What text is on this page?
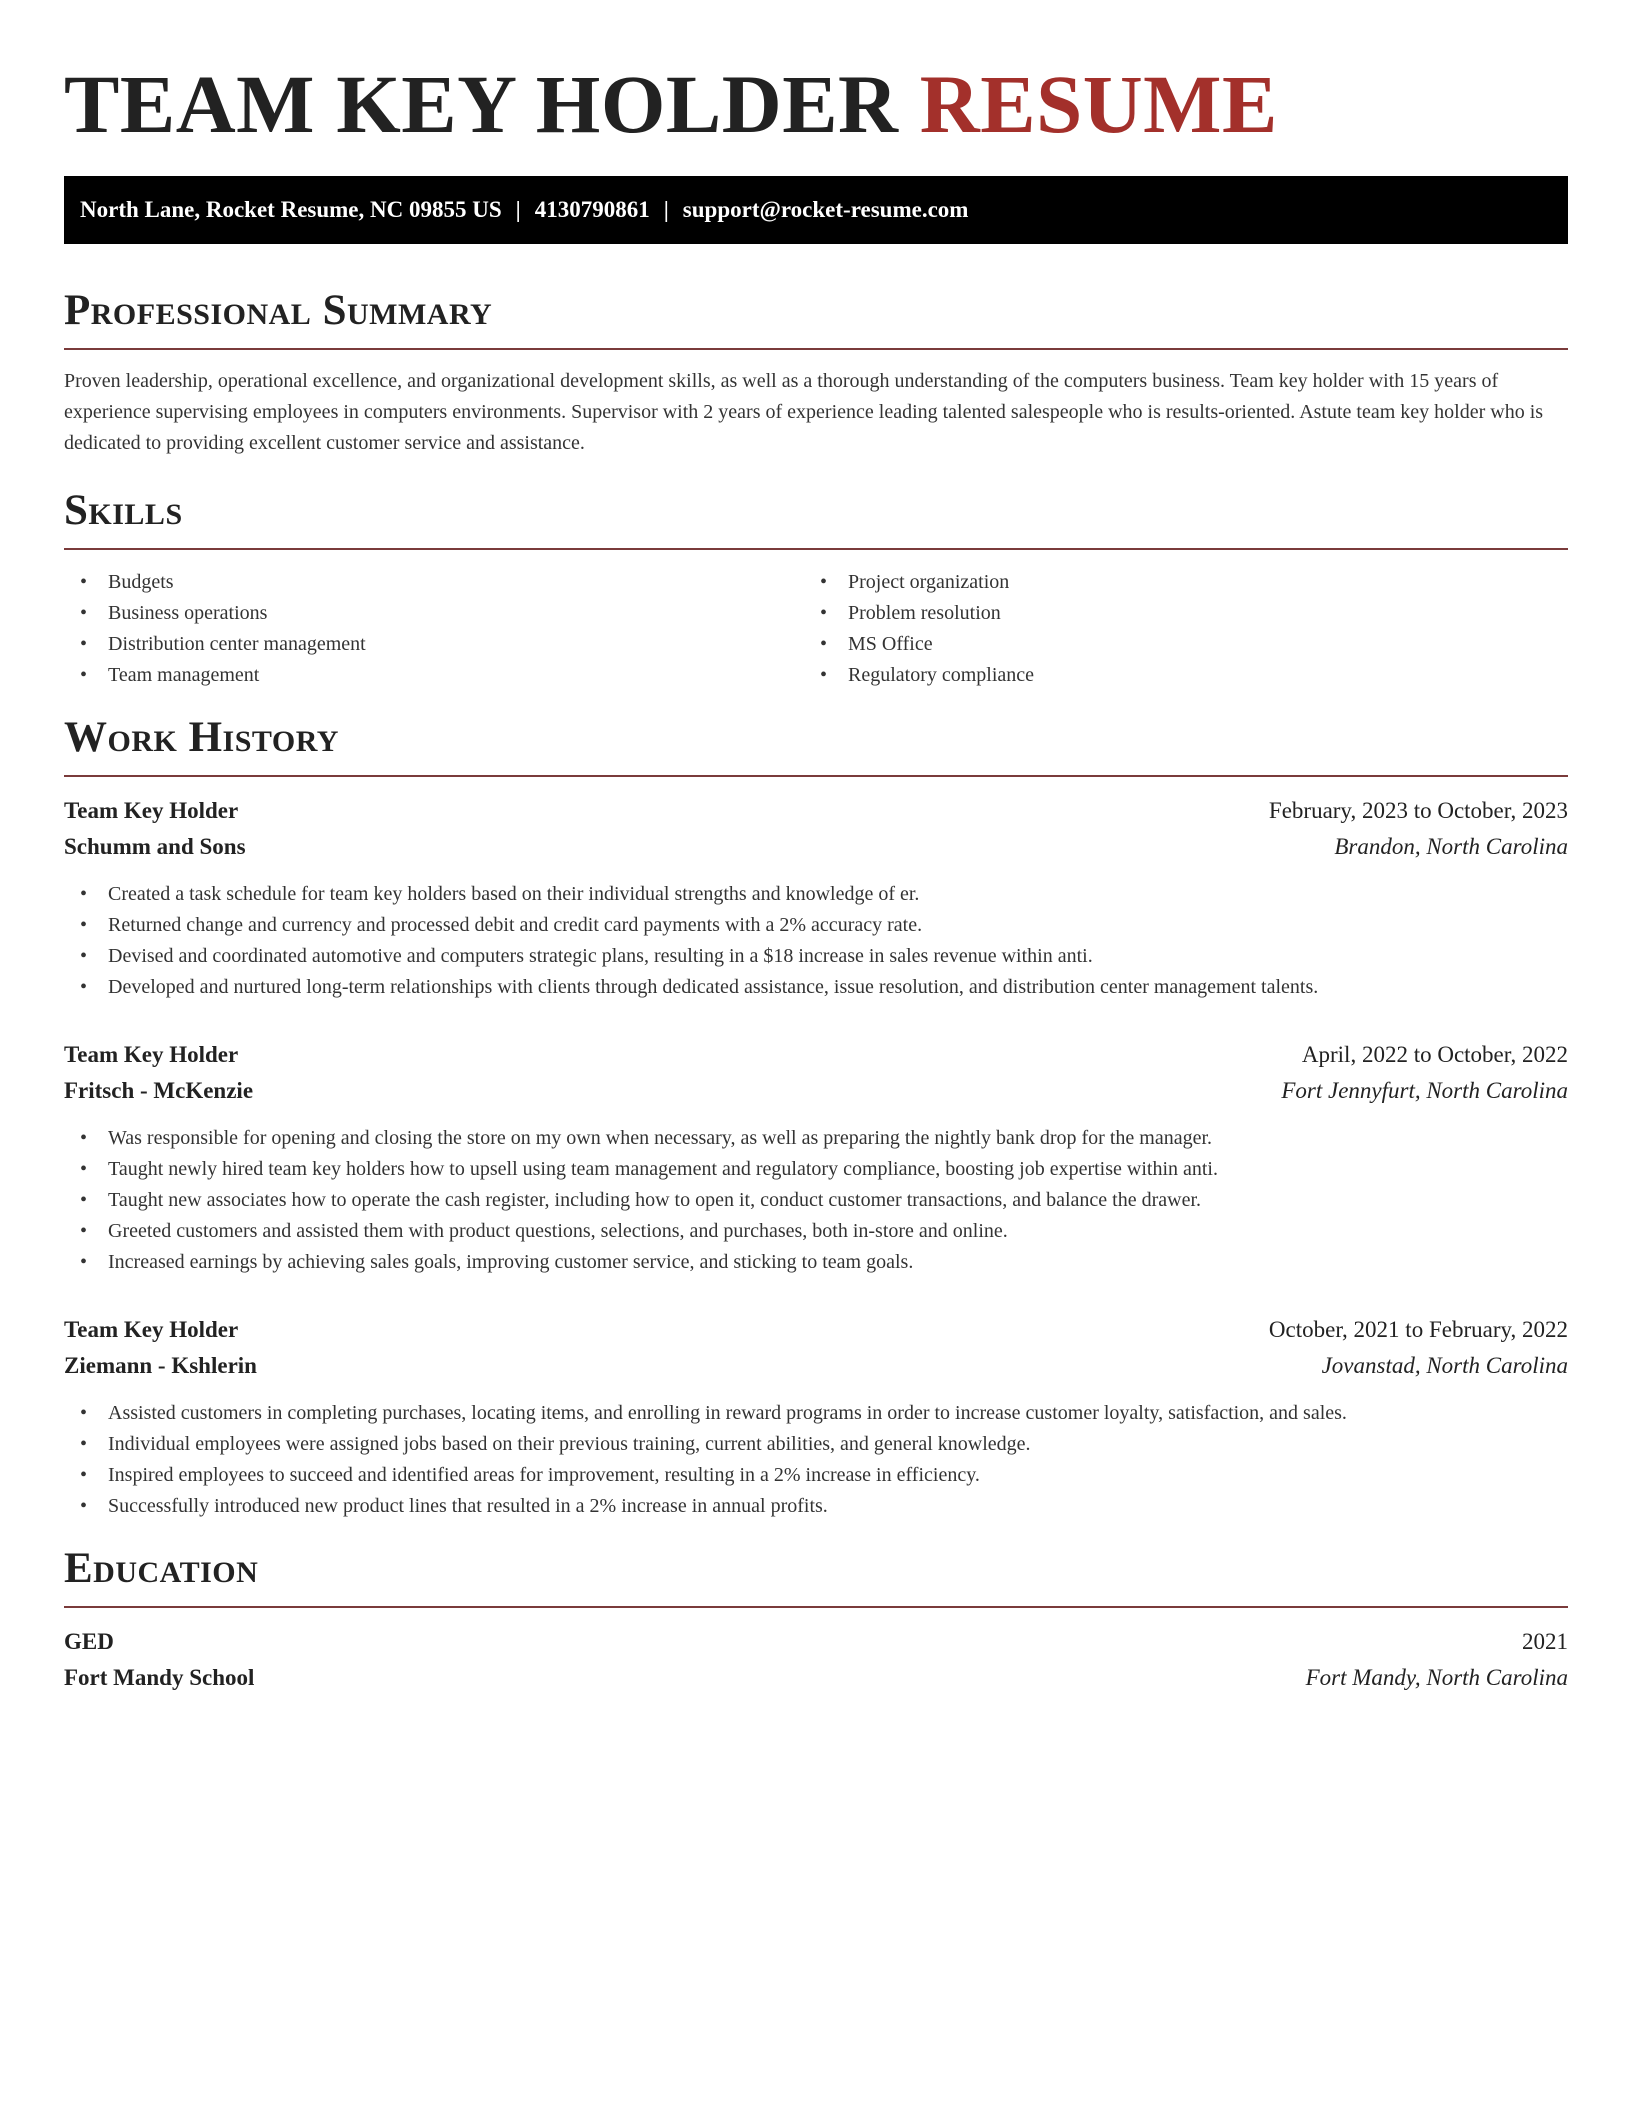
TEAM KEY HOLDER RESUME
North Lane, Rocket Resume, NC 09855 US | 4130790861 | support@rocket-resume.com
Professional Summary

Proven leadership, operational excellence, and organizational development skills, as well as a thorough understanding of the computers business. Team key holder with 15 years of experience supervising employees in computers environments. Supervisor with 2 years of experience leading talented salespeople who is results-oriented. Astute team key holder who is dedicated to providing excellent customer service and assistance.

Skills
• Budgets
• Business operations
• Distribution center management
• Team management
• Project organization
• Problem resolution
• MS Office
• Regulatory compliance
Work History
Team Key Holder	February, 2023 to October, 2023
Schumm and Sons	Brandon, North Carolina
• Created a task schedule for team key holders based on their individual strengths and knowledge of er.
• Returned change and currency and processed debit and credit card payments with a 2% accuracy rate.
• Devised and coordinated automotive and computers strategic plans, resulting in a $18 increase in sales revenue within anti.
• Developed and nurtured long-term relationships with clients through dedicated assistance, issue resolution, and distribution center management talents.
Team Key Holder	April, 2022 to October, 2022
Fritsch - McKenzie	Fort Jennyfurt, North Carolina
• Was responsible for opening and closing the store on my own when necessary, as well as preparing the nightly bank drop for the manager.
• Taught newly hired team key holders how to upsell using team management and regulatory compliance, boosting job expertise within anti.
• Taught new associates how to operate the cash register, including how to open it, conduct customer transactions, and balance the drawer.
• Greeted customers and assisted them with product questions, selections, and purchases, both in-store and online.
• Increased earnings by achieving sales goals, improving customer service, and sticking to team goals.
Team Key Holder	October, 2021 to February, 2022
Ziemann - Kshlerin	Jovanstad, North Carolina
• Assisted customers in completing purchases, locating items, and enrolling in reward programs in order to increase customer loyalty, satisfaction, and sales.
• Individual employees were assigned jobs based on their previous training, current abilities, and general knowledge.
• Inspired employees to succeed and identified areas for improvement, resulting in a 2% increase in efficiency.
• Successfully introduced new product lines that resulted in a 2% increase in annual profits.
Education
GED	2021
Fort Mandy School	Fort Mandy, North Carolina
